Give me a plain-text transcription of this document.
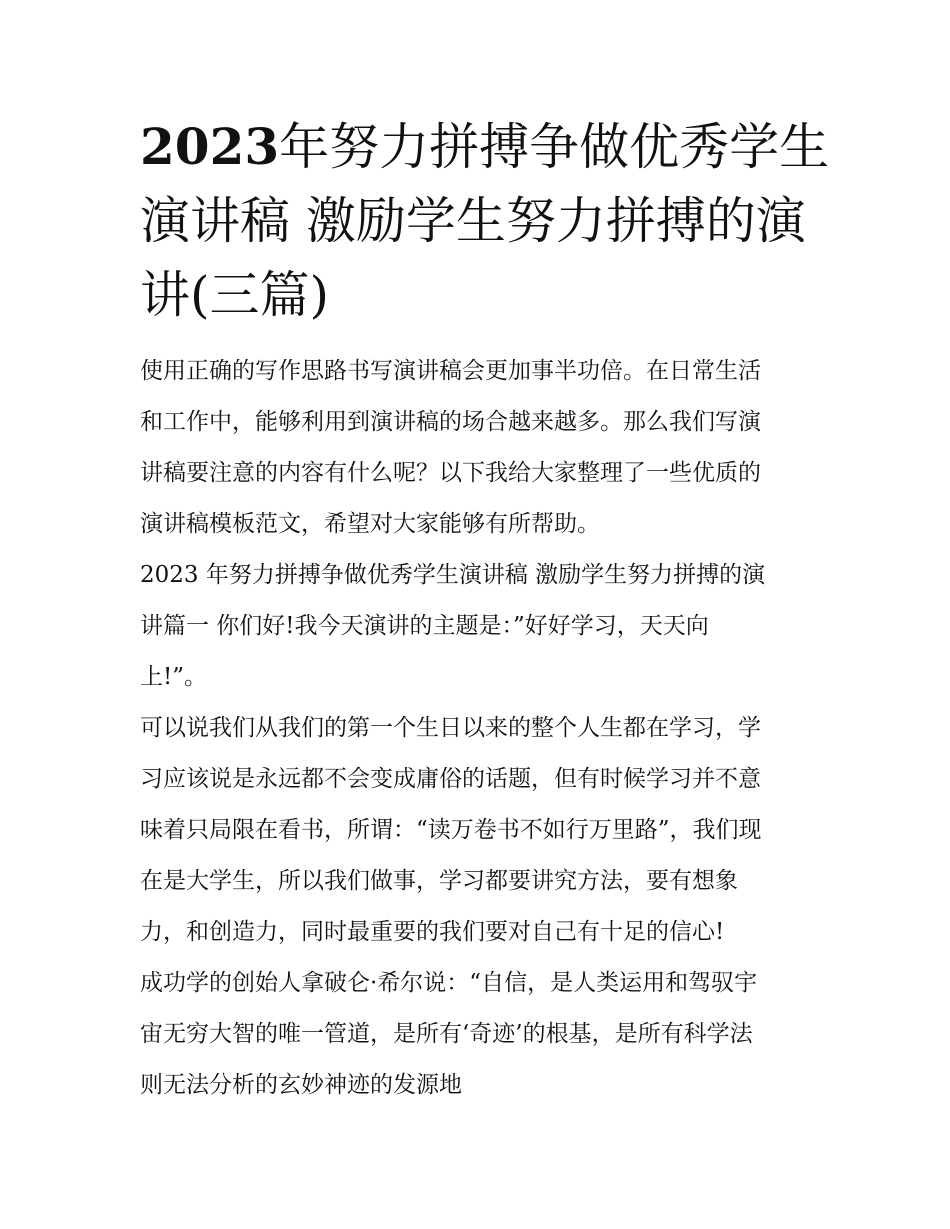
2023年努力拼搏争做优秀学生
演讲稿 激励学生努力拼搏的演
讲(三篇)

使用正确的写作思路书写演讲稿会更加事半功倍。在日常生活
和工作中，能够利用到演讲稿的场合越来越多。那么我们写演
讲稿要注意的内容有什么呢？以下我给大家整理了一些优质的
演讲稿模板范文，希望对大家能够有所帮助。

2023 年努力拼搏争做优秀学生演讲稿 激励学生努力拼搏的演
讲篇一 你们好!我今天演讲的主题是：”好好学习，天天向
上!”。

可以说我们从我们的第一个生日以来的整个人生都在学习，学
习应该说是永远都不会变成庸俗的话题，但有时候学习并不意
味着只局限在看书，所谓：“读万卷书不如行万里路”，我们现
在是大学生，所以我们做事，学习都要讲究方法，要有想象
力，和创造力，同时最重要的我们要对自己有十足的信心!

成功学的创始人拿破仑·希尔说：“自信，是人类运用和驾驭宇
宙无穷大智的唯一管道，是所有‘奇迹’的根基，是所有科学法
则无法分析的玄妙神迹的发源地
